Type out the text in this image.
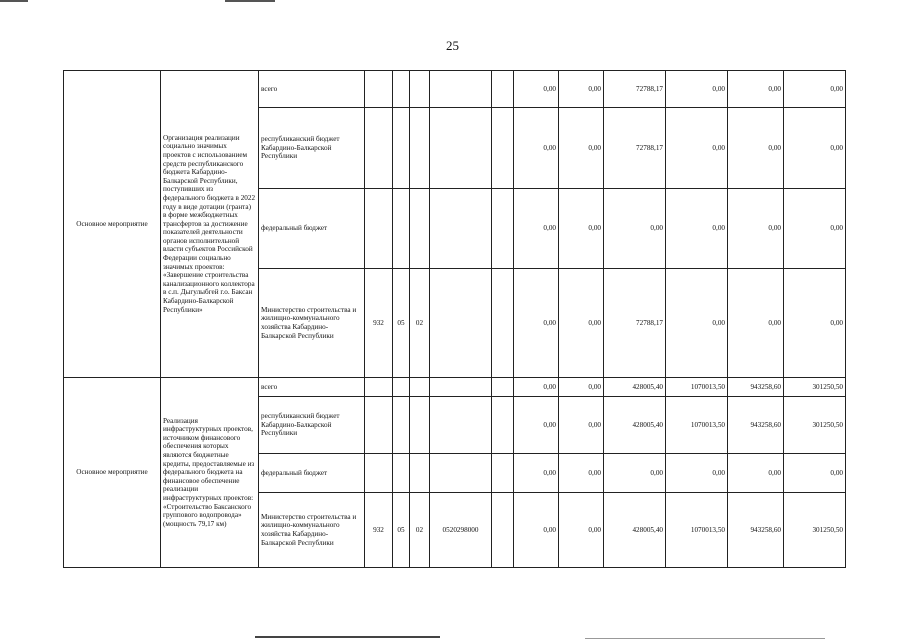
25
Основное мероприятие	Организация реализации социально значимых проектов с использованием средств республиканского бюджета Кабардино-Балкарской Республики, поступивших из федерального бюджета в 2022 году в виде дотации (гранта) в форме межбюджетных трансфертов за достижение показателей деятельности органов исполнительной власти субъектов Российской Федерации социально значимых проектов: «Завершение строительства канализационного коллектора в с.п. Дыгулыбгей г.о. Баксан Кабардино-Балкарской Республики»	всего						0,00	0,00	72788,17	0,00	0,00	0,00
		республиканский бюджет Кабардино-Балкарской Республики						0,00	0,00	72788,17	0,00	0,00	0,00
		федеральный бюджет						0,00	0,00	0,00	0,00	0,00	0,00
		Министерство строительства и жилищно-коммунального хозяйства Кабардино-Балкарской Республики	932	05	02			0,00	0,00	72788,17	0,00	0,00	0,00
Основное мероприятие	Реализация инфраструктурных проектов, источником финансового обеспечения которых являются бюджетные кредиты, предоставляемые из федерального бюджета на финансовое обеспечение реализации инфраструктурных проектов: «Строительство Баксанского группового водопровода» (мощность 79,17 км)	всего						0,00	0,00	428005,40	1070013,50	943258,60	301250,50
		республиканский бюджет Кабардино-Балкарской Республики						0,00	0,00	428005,40	1070013,50	943258,60	301250,50
		федеральный бюджет						0,00	0,00	0,00	0,00	0,00	0,00
		Министерство строительства и жилищно-коммунального хозяйства Кабардино-Балкарской Республики	932	05	02	0520298000		0,00	0,00	428005,40	1070013,50	943258,60	301250,50
